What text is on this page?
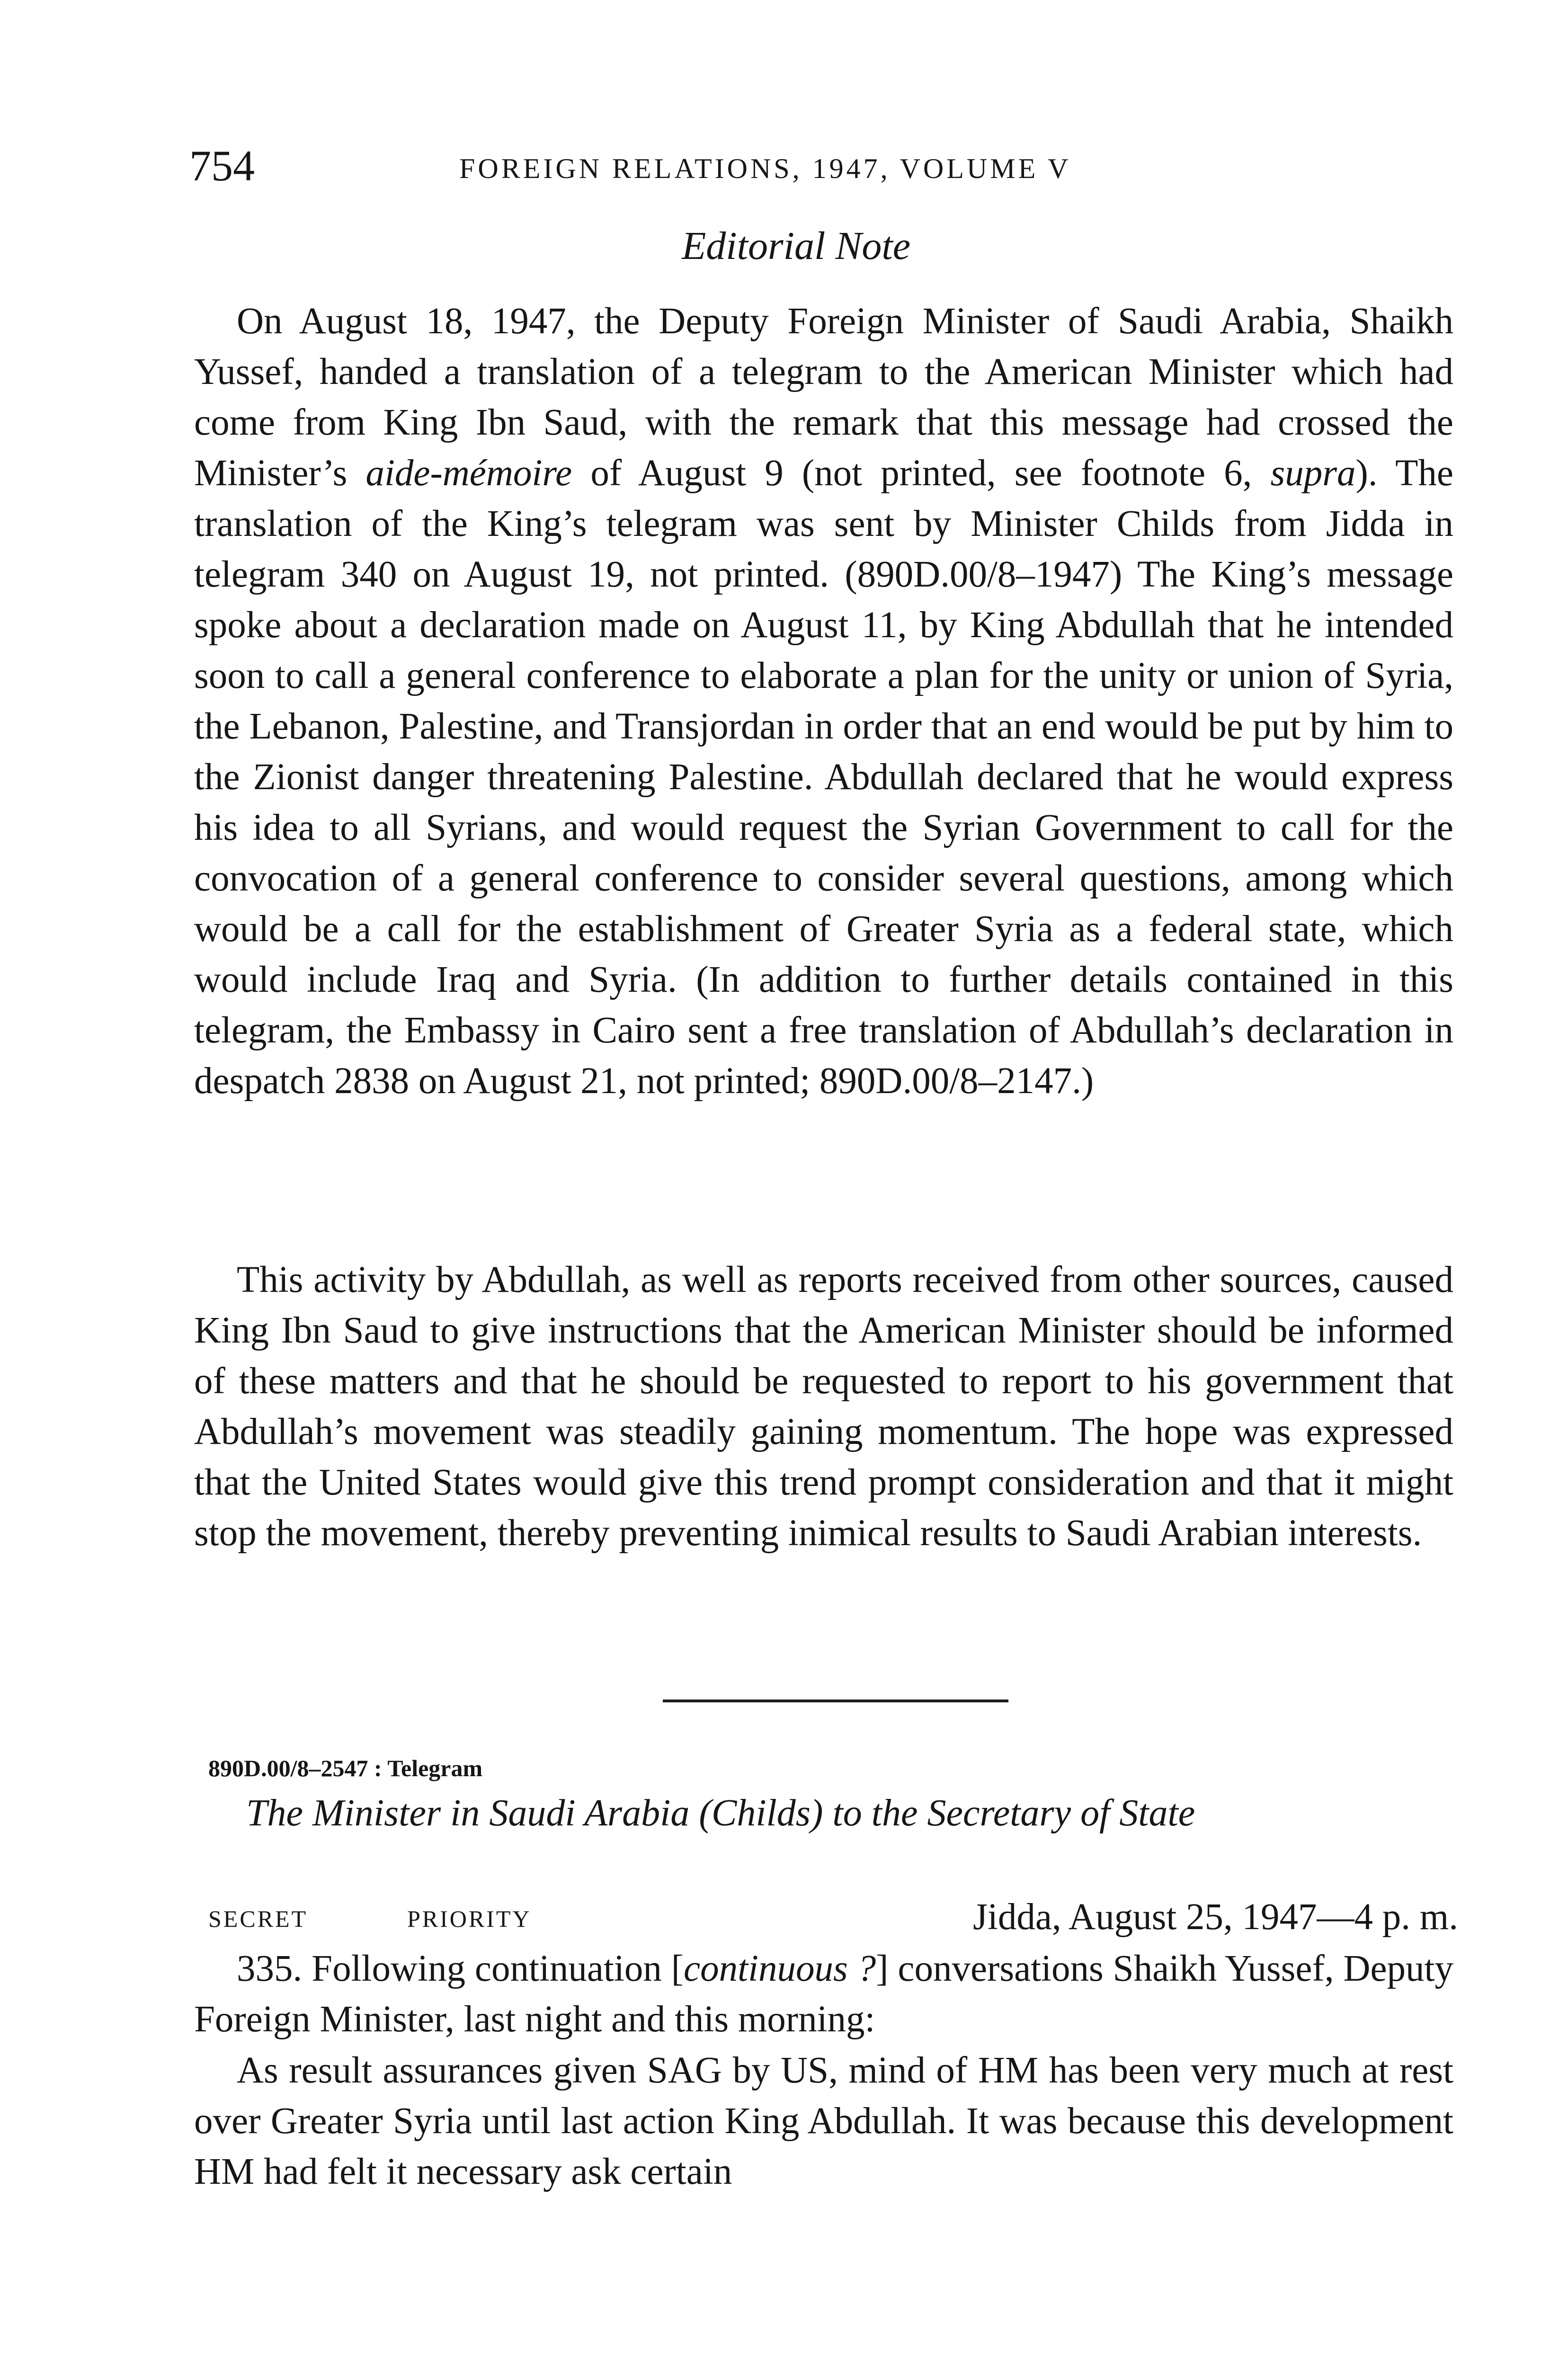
754	FOREIGN RELATIONS, 1947, VOLUME V
Editorial Note

On August 18, 1947, the Deputy Foreign Minister of Saudi Arabia, Shaikh Yussef, handed a translation of a telegram to the American Minister which had come from King Ibn Saud, with the remark that this message had crossed the Minister’s aide-mémoire of August 9 (not printed, see footnote 6, supra). The translation of the King’s telegram was sent by Minister Childs from Jidda in telegram 340 on August 19, not printed. (890D.00/8–1947) The King’s message spoke about a declaration made on August 11, by King Abdullah that he intended soon to call a general conference to elaborate a plan for the unity or union of Syria, the Lebanon, Palestine, and Transjordan in order that an end would be put by him to the Zionist danger threatening Palestine. Abdullah declared that he would express his idea to all Syrians, and would request the Syrian Government to call for the convocation of a general conference to consider several questions, among which would be a call for the establishment of Greater Syria as a federal state, which would include Iraq and Syria. (In addition to further details contained in this telegram, the Embassy in Cairo sent a free translation of Abdullah’s declaration in despatch 2838 on August 21, not printed; 890D.00/8–2147.)

This activity by Abdullah, as well as reports received from other sources, caused King Ibn Saud to give instructions that the American Minister should be informed of these matters and that he should be requested to report to his government that Abdullah’s movement was steadily gaining momentum. The hope was expressed that the United States would give this trend prompt consideration and that it might stop the movement, thereby preventing inimical results to Saudi Arabian interests.

890D.00/8–2547 : Telegram
The Minister in Saudi Arabia (Childs) to the Secretary of State
SECRET	PRIORITY	Jidda, August 25, 1947—4 p. m.

335. Following continuation [continuous ?] conversations Shaikh Yussef, Deputy Foreign Minister, last night and this morning:

As result assurances given SAG by US, mind of HM has been very much at rest over Greater Syria until last action King Abdullah. It was because this development HM had felt it necessary ask certain
